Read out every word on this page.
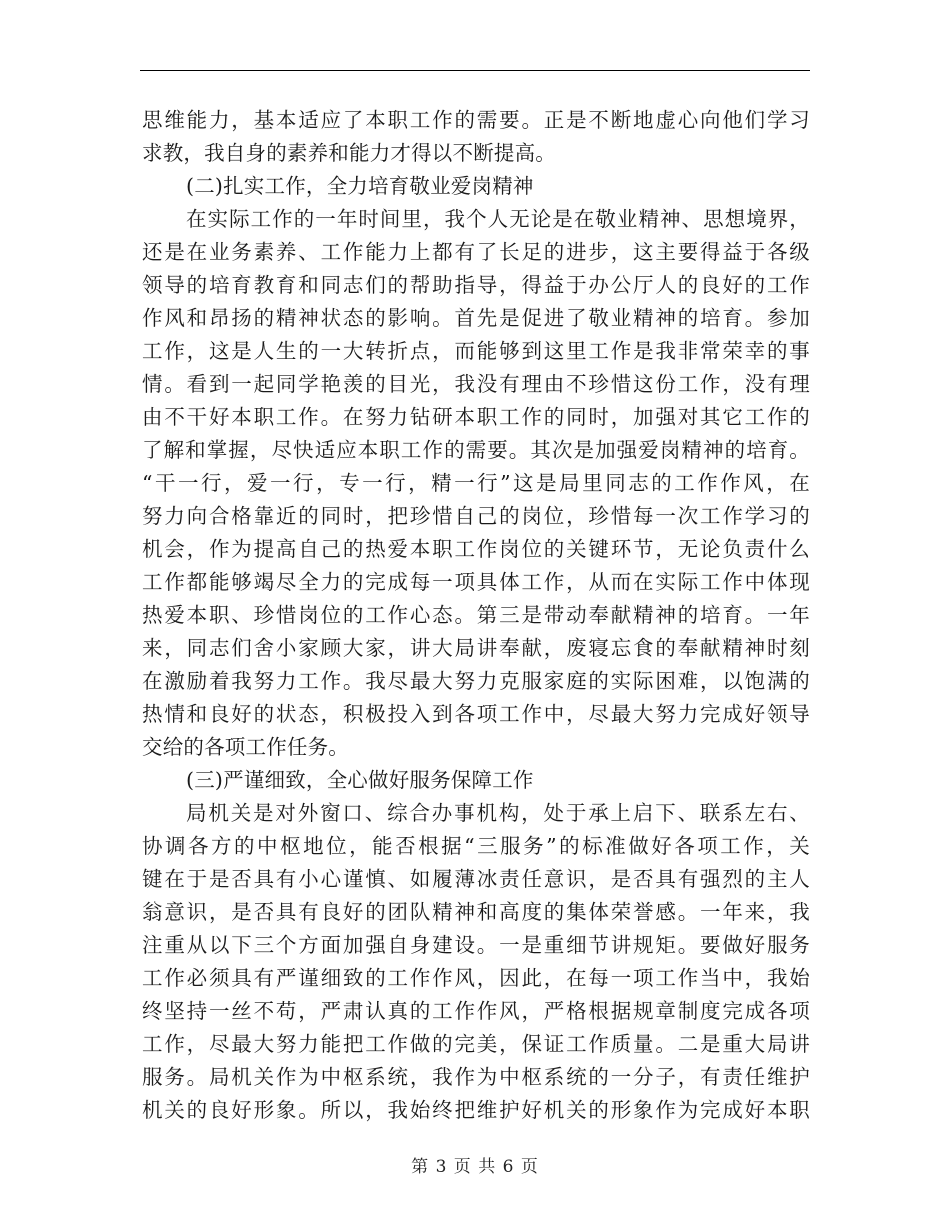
思维能力，基本适应了本职工作的需要。正是不断地虚心向他们学习
求教，我自身的素养和能力才得以不断提高。
(二)扎实工作，全力培育敬业爱岗精神
在实际工作的一年时间里，我个人无论是在敬业精神、思想境界，
还是在业务素养、工作能力上都有了长足的进步，这主要得益于各级
领导的培育教育和同志们的帮助指导，得益于办公厅人的良好的工作
作风和昂扬的精神状态的影响。首先是促进了敬业精神的培育。参加
工作，这是人生的一大转折点，而能够到这里工作是我非常荣幸的事
情。看到一起同学艳羡的目光，我没有理由不珍惜这份工作，没有理
由不干好本职工作。在努力钻研本职工作的同时，加强对其它工作的
了解和掌握，尽快适应本职工作的需要。其次是加强爱岗精神的培育。
“干一行，爱一行，专一行，精一行”这是局里同志的工作作风，在
努力向合格靠近的同时，把珍惜自己的岗位，珍惜每一次工作学习的
机会，作为提高自己的热爱本职工作岗位的关键环节，无论负责什么
工作都能够竭尽全力的完成每一项具体工作，从而在实际工作中体现
热爱本职、珍惜岗位的工作心态。第三是带动奉献精神的培育。一年
来，同志们舍小家顾大家，讲大局讲奉献，废寝忘食的奉献精神时刻
在激励着我努力工作。我尽最大努力克服家庭的实际困难，以饱满的
热情和良好的状态，积极投入到各项工作中，尽最大努力完成好领导
交给的各项工作任务。
(三)严谨细致，全心做好服务保障工作
局机关是对外窗口、综合办事机构，处于承上启下、联系左右、
协调各方的中枢地位，能否根据“三服务”的标准做好各项工作，关
键在于是否具有小心谨慎、如履薄冰责任意识，是否具有强烈的主人
翁意识，是否具有良好的团队精神和高度的集体荣誉感。一年来，我
注重从以下三个方面加强自身建设。一是重细节讲规矩。要做好服务
工作必须具有严谨细致的工作作风，因此，在每一项工作当中，我始
终坚持一丝不苟，严肃认真的工作作风，严格根据规章制度完成各项
工作，尽最大努力能把工作做的完美，保证工作质量。二是重大局讲
服务。局机关作为中枢系统，我作为中枢系统的一分子，有责任维护
机关的良好形象。所以，我始终把维护好机关的形象作为完成好本职
第 3 页 共 6 页
